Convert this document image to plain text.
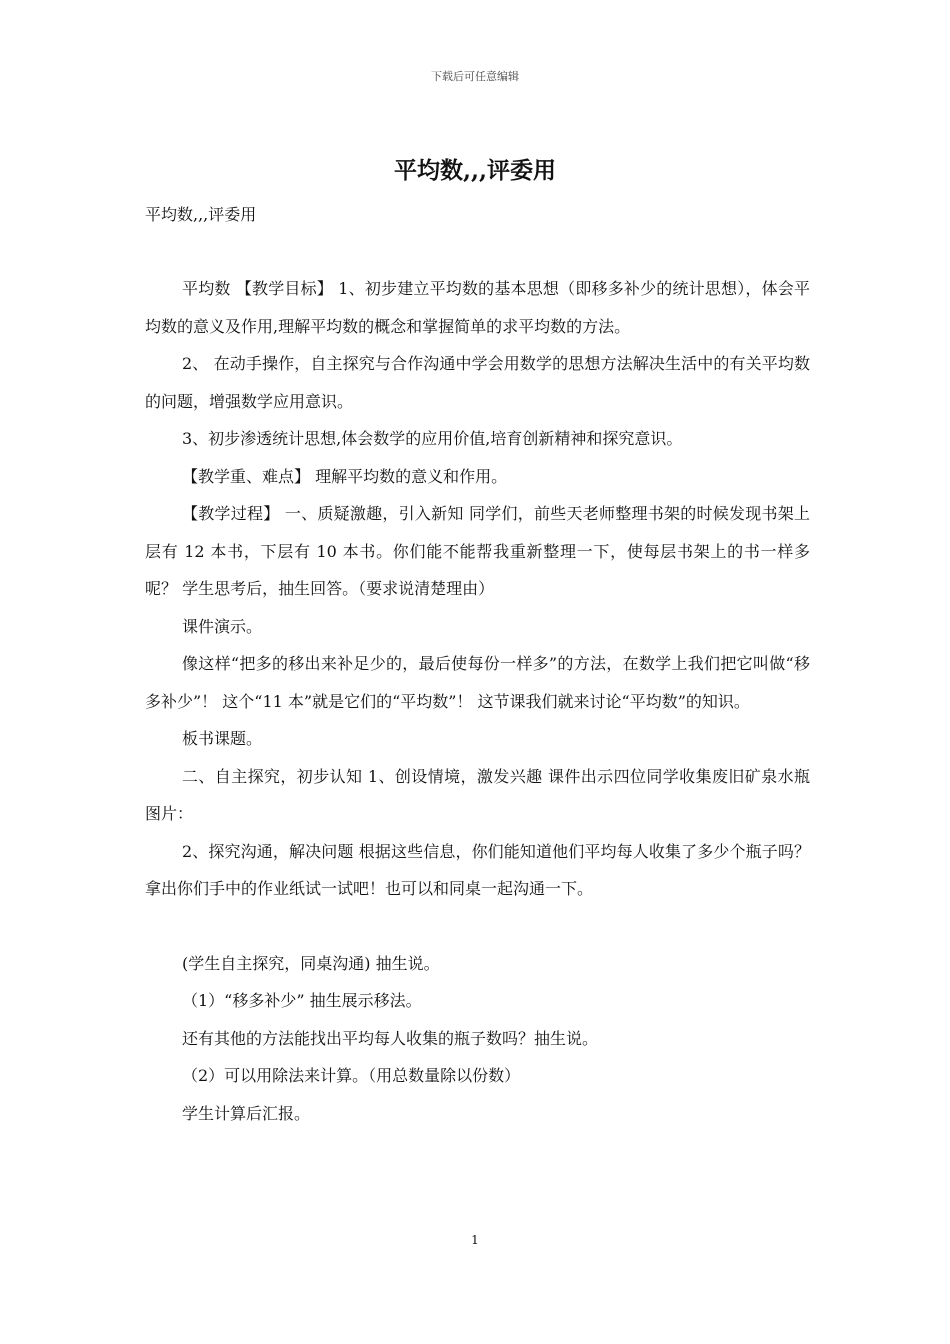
下载后可任意编辑
平均数,,,评委用

平均数,,,评委用

平均数 【教学目标】 1、初步建立平均数的基本思想（即移多补少的统计思想），体会平均数的意义及作用,理解平均数的概念和掌握简单的求平均数的方法。

2、 在动手操作，自主探究与合作沟通中学会用数学的思想方法解决生活中的有关平均数的问题，增强数学应用意识。

3、初步渗透统计思想,体会数学的应用价值,培育创新精神和探究意识。

【教学重、难点】 理解平均数的意义和作用。

【教学过程】 一、质疑激趣，引入新知 同学们，前些天老师整理书架的时候发现书架上层有 12 本书，下层有 10 本书。你们能不能帮我重新整理一下，使每层书架上的书一样多呢？ 学生思考后，抽生回答。（要求说清楚理由）

课件演示。

像这样“把多的移出来补足少的，最后使每份一样多”的方法，在数学上我们把它叫做“移多补少”！ 这个“11 本”就是它们的“平均数”！ 这节课我们就来讨论“平均数”的知识。

板书课题。

二、自主探究，初步认知 1、创设情境，激发兴趣 课件出示四位同学收集废旧矿泉水瓶图片：

2、探究沟通，解决问题 根据这些信息，你们能知道他们平均每人收集了多少个瓶子吗？拿出你们手中的作业纸试一试吧！也可以和同桌一起沟通一下。

(学生自主探究，同桌沟通) 抽生说。

（1）“移多补少” 抽生展示移法。

还有其他的方法能找出平均每人收集的瓶子数吗？抽生说。

（2）可以用除法来计算。（用总数量除以份数）

学生计算后汇报。

1
